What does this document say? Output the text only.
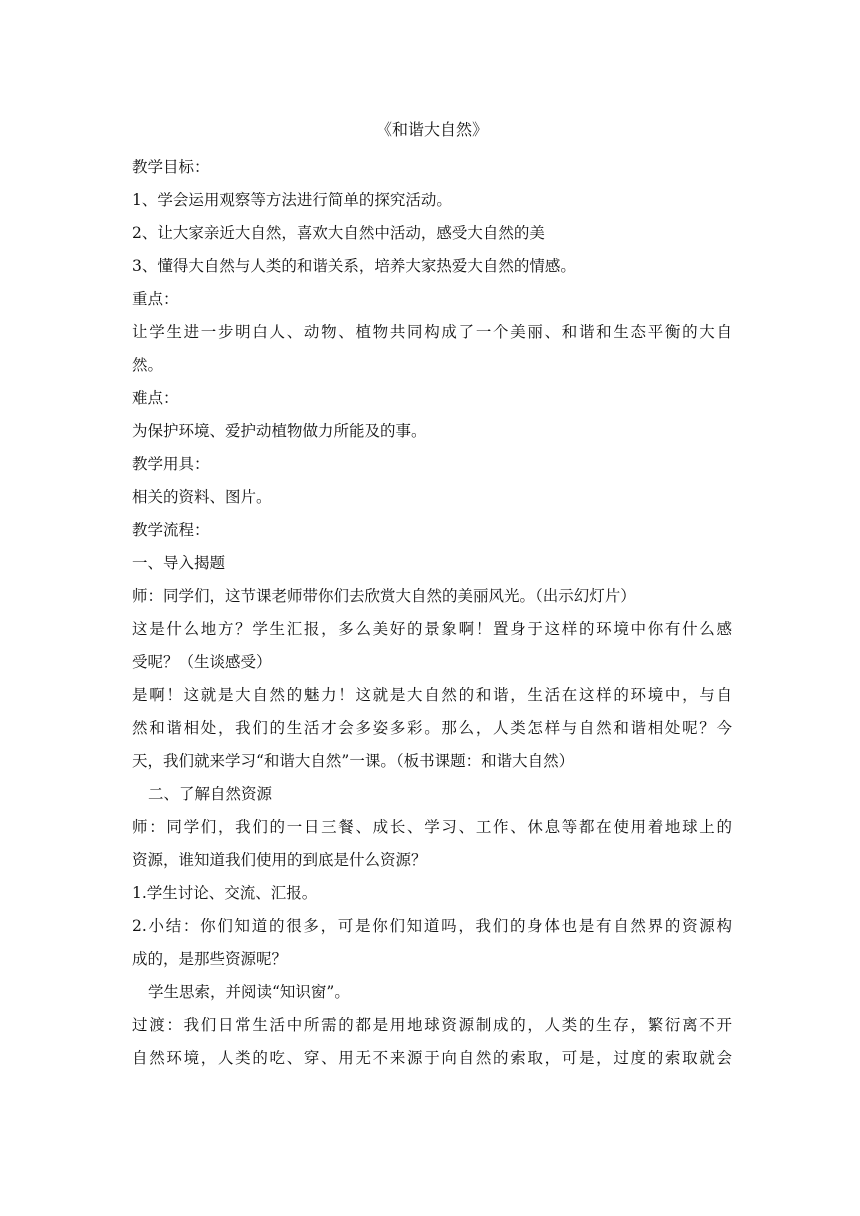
《和谐大自然》

教学目标：

1、学会运用观察等方法进行简单的探究活动。

2、让大家亲近大自然，喜欢大自然中活动，感受大自然的美

3、懂得大自然与人类的和谐关系，培养大家热爱大自然的情感。

重点：

让学生进一步明白人、动物、植物共同构成了一个美丽、和谐和生态平衡的大自

然。

难点：

为保护环境、爱护动植物做力所能及的事。

教学用具：

相关的资料、图片。

教学流程：

一、导入揭题

师：同学们，这节课老师带你们去欣赏大自然的美丽风光。（出示幻灯片）

这是什么地方？学生汇报，多么美好的景象啊！置身于这样的环境中你有什么感

受呢？（生谈感受）

是啊！这就是大自然的魅力！这就是大自然的和谐，生活在这样的环境中，与自

然和谐相处，我们的生活才会多姿多彩。那么，人类怎样与自然和谐相处呢？今

天，我们就来学习“和谐大自然”一课。（板书课题：和谐大自然）

二、了解自然资源

师：同学们，我们的一日三餐、成长、学习、工作、休息等都在使用着地球上的

资源，谁知道我们使用的到底是什么资源？

1.学生讨论、交流、汇报。

2.小结：你们知道的很多，可是你们知道吗，我们的身体也是有自然界的资源构

成的，是那些资源呢？

学生思索，并阅读“知识窗”。

过渡：我们日常生活中所需的都是用地球资源制成的，人类的生存，繁衍离不开

自然环境，人类的吃、穿、用无不来源于向自然的索取，可是，过度的索取就会
